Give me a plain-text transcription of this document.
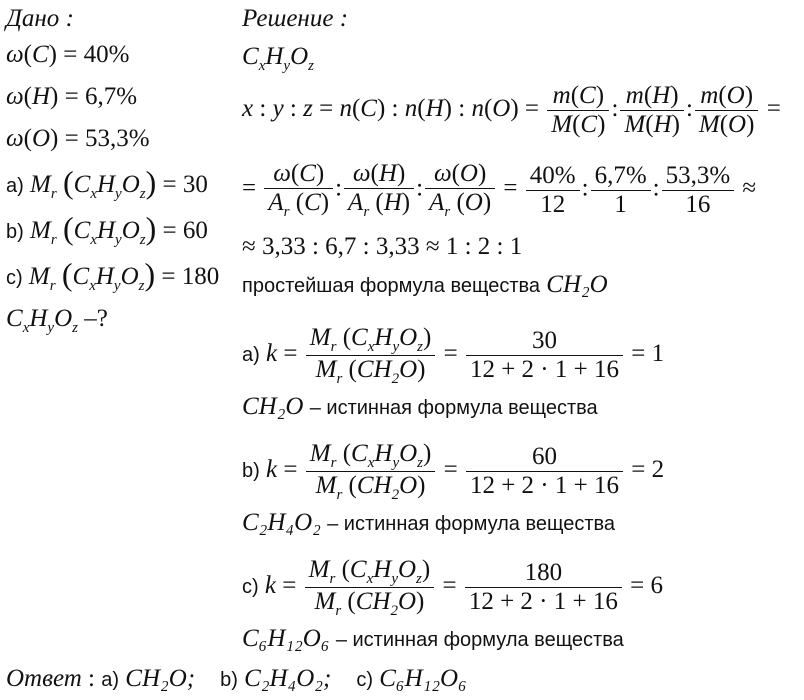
Дано :
ω(C) = 40%
ω(H) = 6,7%
ω(O) = 53,3%
a) $M_r$ $(C_xH_yO_z) = 30$
b) $M_r$ $(C_xH_yO_z) = 60$
c) $M_r$ $(C_xH_yO_z) = 180$
$C_xH_yO_z$ –?
Решение :
$C_xH_yO_z$
x : y : z = n(C) : n(H) : $n(O) = \frac{m(C)}{M(C)}$ : $\frac{m(H)}{M(H)}$ : $\frac{m(O)}{M(O)}$ =
= $\frac{\omega(C)}{A_r (C)}$ : $\frac{\omega(H)}{A_r (H)}$ : $\frac{\omega(O)}{A_r (O)} = \frac{40\%}{12}$ : $\frac{6,7\%}{1}$ : $\frac{53,3\%}{16}$ ≈
≈ 3,33 : 6,7 : 3,33 ≈ 1 : 2 : 1
простейшая формула вещества CH₂O
a) $k = \frac{M_r (C_xH_yO_z)}{M_r (CH_2O)} = \frac{30}{12 + 2 \cdot 1 + 16} = 1$
CH₂O – истинная формула вещества
b) $k = \frac{M_r (C_xH_yO_z)}{M_r (CH_2O)} = \frac{60}{12 + 2 \cdot 1 + 16} = 2$
C₂H₄O₂ – истинная формула вещества
c) $k = \frac{M_r (C_xH_yO_z)}{M_r (CH_2O)} = \frac{180}{12 + 2 \cdot 1 + 16} = 6$
C₆H₁₂O₆ – истинная формула вещества
Ответ : a) CH₂O; b) C₂H₄O₂; c) C₆H₁₂O₆
